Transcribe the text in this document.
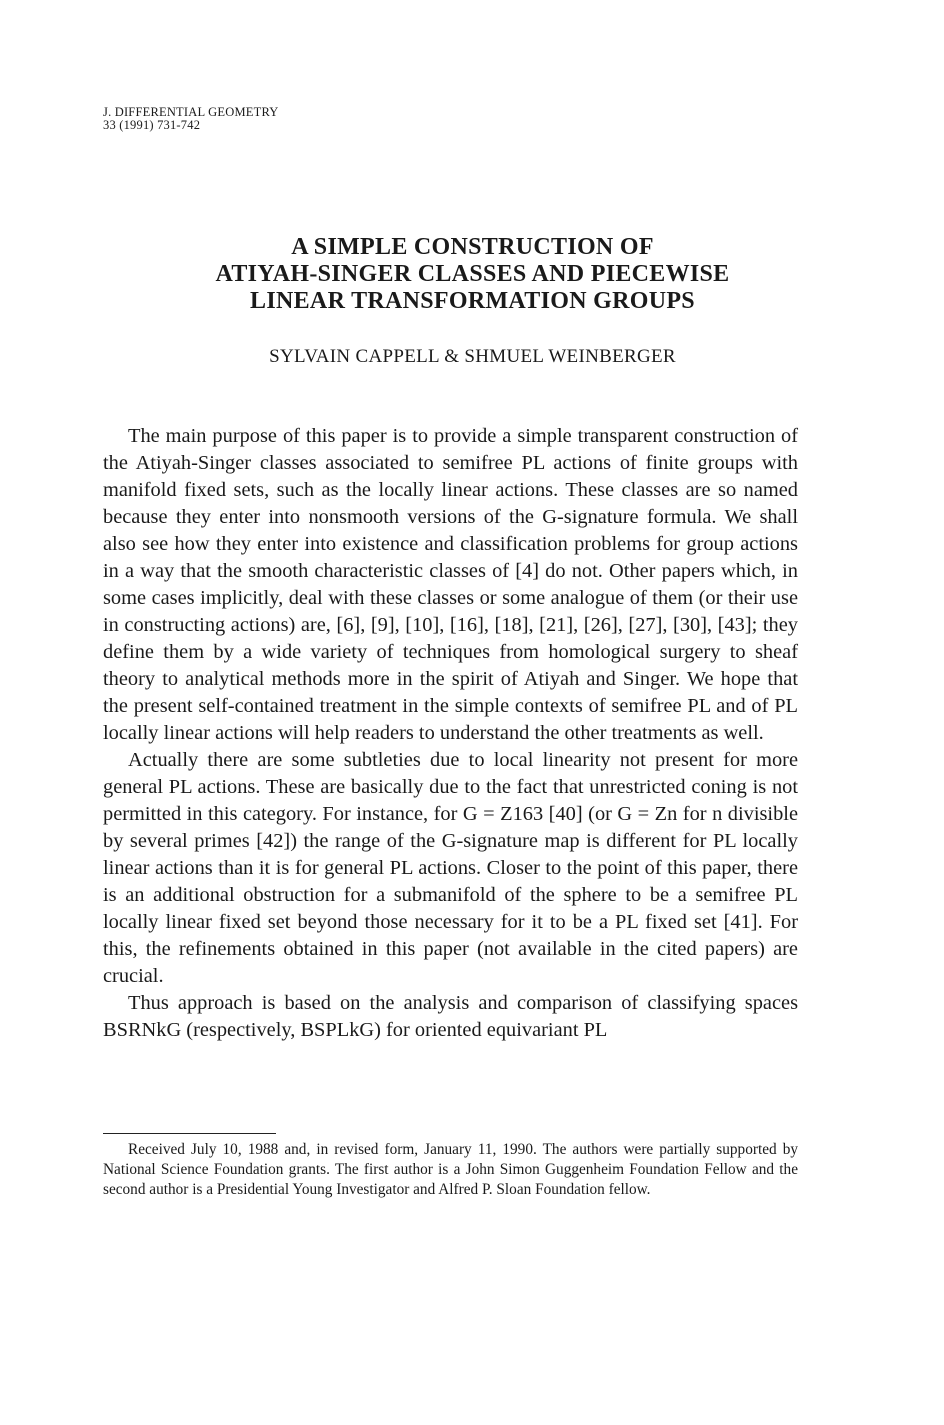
J. DIFFERENTIAL GEOMETRY
33 (1991) 731-742
A SIMPLE CONSTRUCTION OF
ATIYAH-SINGER CLASSES AND PIECEWISE
LINEAR TRANSFORMATION GROUPS
SYLVAIN CAPPELL & SHMUEL WEINBERGER

The main purpose of this paper is to provide a simple transparent construction of the Atiyah-Singer classes associated to semifree PL actions of finite groups with manifold fixed sets, such as the locally linear actions. These classes are so named because they enter into nonsmooth versions of the G-signature formula. We shall also see how they enter into existence and classification problems for group actions in a way that the smooth characteristic classes of [4] do not. Other papers which, in some cases implicitly, deal with these classes or some analogue of them (or their use in constructing actions) are, [6], [9], [10], [16], [18], [21], [26], [27], [30], [43]; they define them by a wide variety of techniques from homological surgery to sheaf theory to analytical methods more in the spirit of Atiyah and Singer. We hope that the present self-contained treatment in the simple contexts of semifree PL and of PL locally linear actions will help readers to understand the other treatments as well.

Actually there are some subtleties due to local linearity not present for more general PL actions. These are basically due to the fact that unrestricted coning is not permitted in this category. For instance, for G = Z163 [40] (or G = Zn for n divisible by several primes [42]) the range of the G-signature map is different for PL locally linear actions than it is for general PL actions. Closer to the point of this paper, there is an additional obstruction for a submanifold of the sphere to be a semifree PL locally linear fixed set beyond those necessary for it to be a PL fixed set [41]. For this, the refinements obtained in this paper (not available in the cited papers) are crucial.

Thus approach is based on the analysis and comparison of classifying spaces BSRNkG (respectively, BSPLkG) for oriented equivariant PL

Received July 10, 1988 and, in revised form, January 11, 1990. The authors were partially supported by National Science Foundation grants. The first author is a John Simon Guggenheim Foundation Fellow and the second author is a Presidential Young Investigator and Alfred P. Sloan Foundation fellow.
